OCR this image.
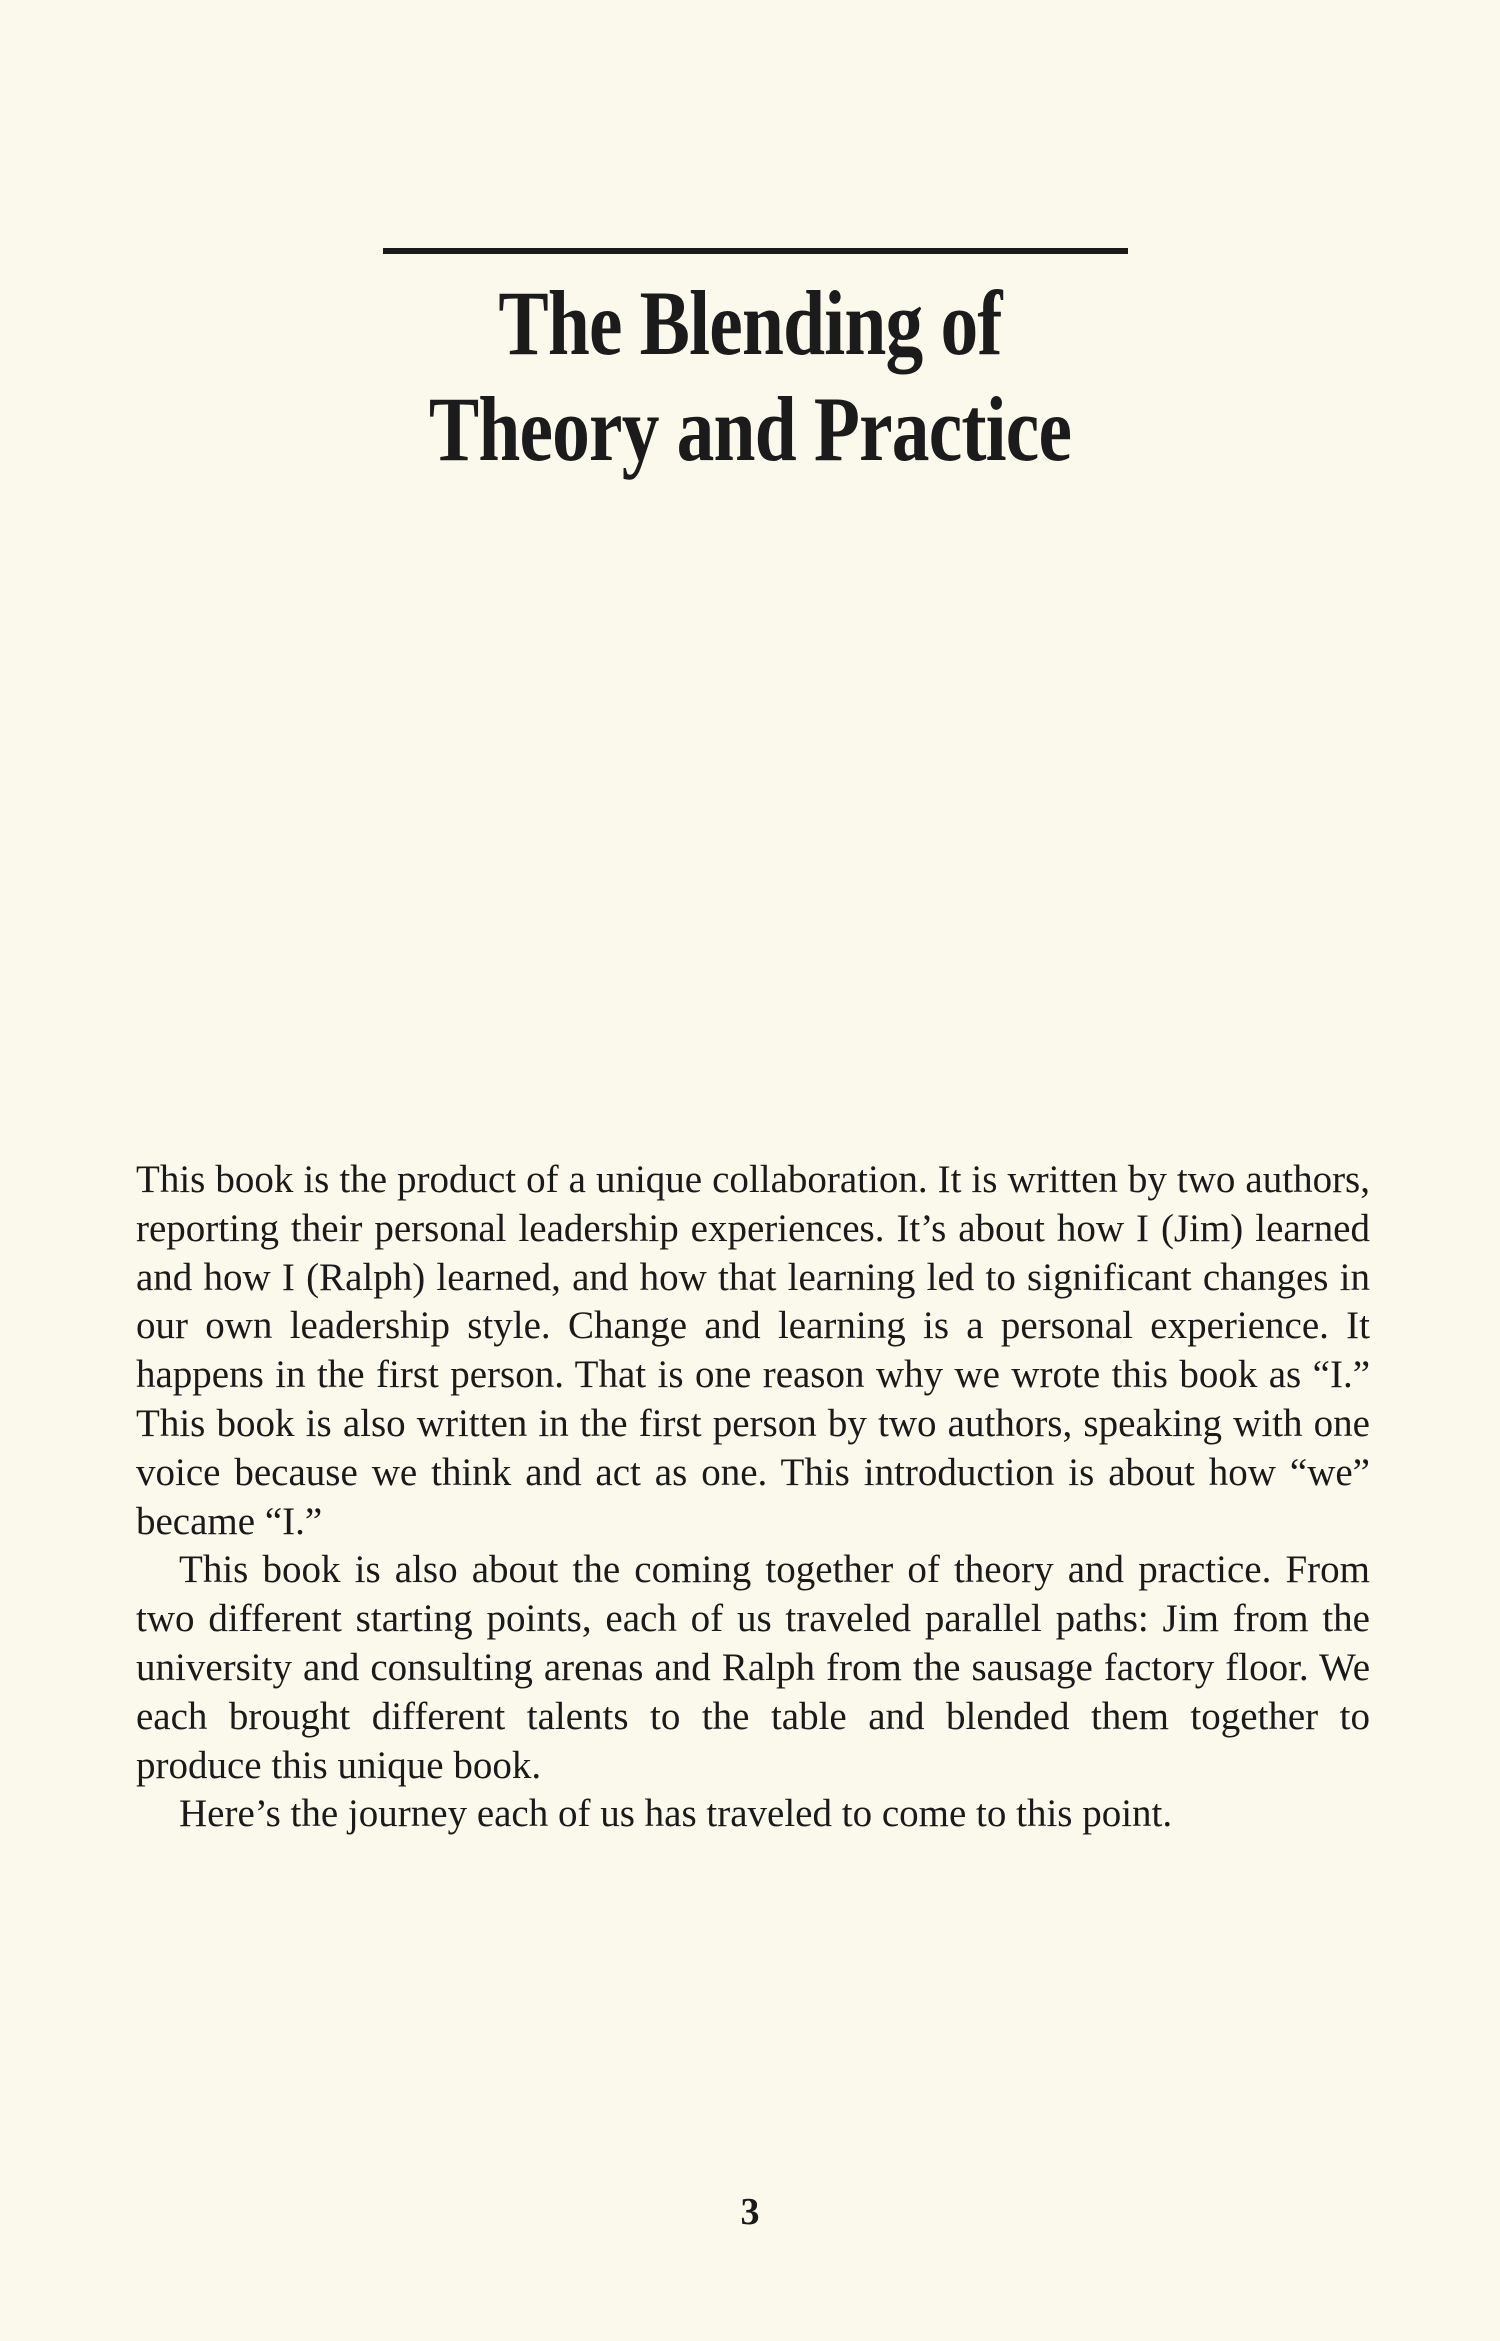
The Blending of
Theory and Practice

This book is the product of a unique collaboration. It is written by two authors, reporting their personal leadership experiences. It’s about how I (Jim) learned and how I (Ralph) learned, and how that learning led to significant changes in our own leadership style. Change and learning is a personal experience. It happens in the first person. That is one reason why we wrote this book as “I.” This book is also written in the first person by two authors, speaking with one voice because we think and act as one. This introduction is about how “we” became “I.”

This book is also about the coming together of theory and practice. From two different starting points, each of us traveled parallel paths: Jim from the university and consulting arenas and Ralph from the sausage factory floor. We each brought different talents to the table and blended them together to produce this unique book.

Here’s the journey each of us has traveled to come to this point.

3
